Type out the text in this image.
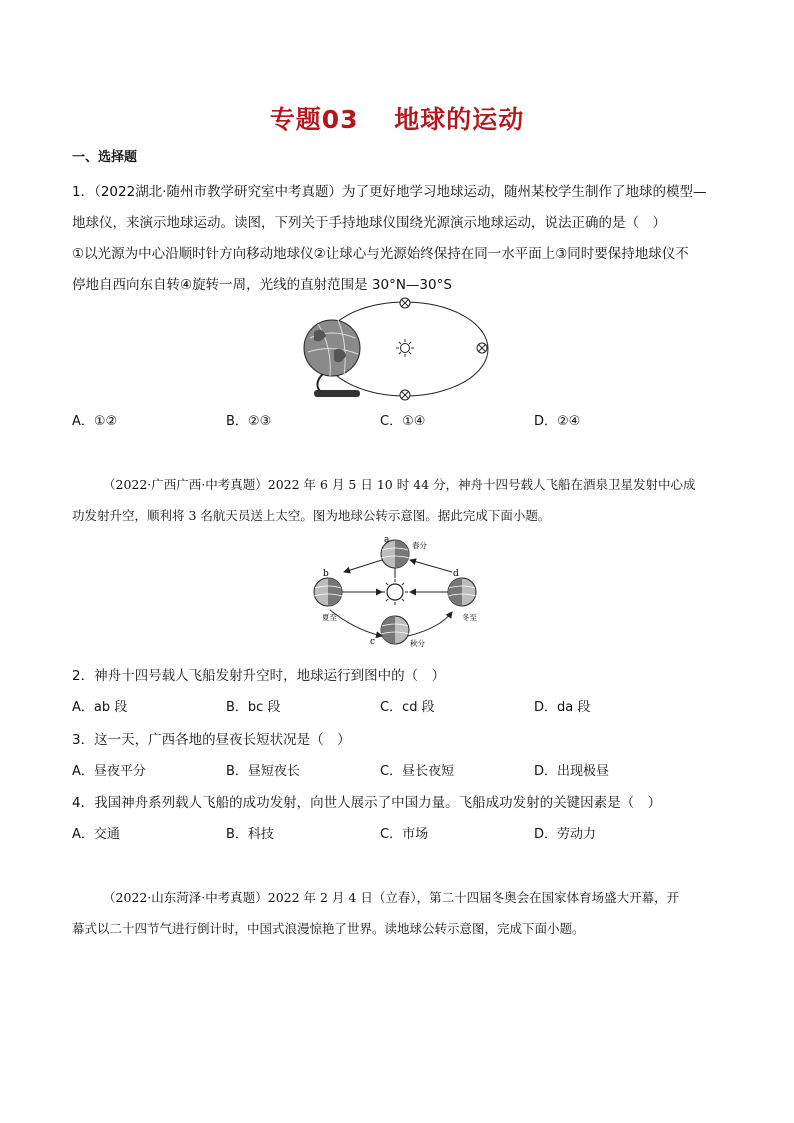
专题03　 地球的运动
一、选择题
1．（2022湖北·随州市教学研究室中考真题）为了更好地学习地球运动，随州某校学生制作了地球的模型—
地球仪，来演示地球运动。读图，下列关于手持地球仪围绕光源演示地球运动，说法正确的是（　）
①以光源为中心沿顺时针方向移动地球仪②让球心与光源始终保持在同一水平面上③同时要保持地球仪不
停地自西向东自转④旋转一周，光线的直射范围是 30°N—30°S
A．①②	B．②③	C．①④	D．②④
（2022·广西广西·中考真题）2022 年 6 月 5 日 10 时 44 分，神舟十四号载人飞船在酒泉卫星发射中心成
功发射升空，顺利将 3 名航天员送上太空。图为地球公转示意图。据此完成下面小题。
a
b
c
d
春分
夏至
秋分
冬至
2．神舟十四号载人飞船发射升空时，地球运行到图中的（　）
A．ab 段	B．bc 段	C．cd 段	D．da 段
3．这一天，广西各地的昼夜长短状况是（　）
A．昼夜平分	B．昼短夜长	C．昼长夜短	D．出现极昼
4．我国神舟系列载人飞船的成功发射，向世人展示了中国力量。飞船成功发射的关键因素是（　）
A．交通	B．科技	C．市场	D．劳动力
（2022·山东菏泽·中考真题）2022 年 2 月 4 日（立春），第二十四届冬奥会在国家体育场盛大开幕，开
幕式以二十四节气进行倒计时，中国式浪漫惊艳了世界。读地球公转示意图，完成下面小题。
